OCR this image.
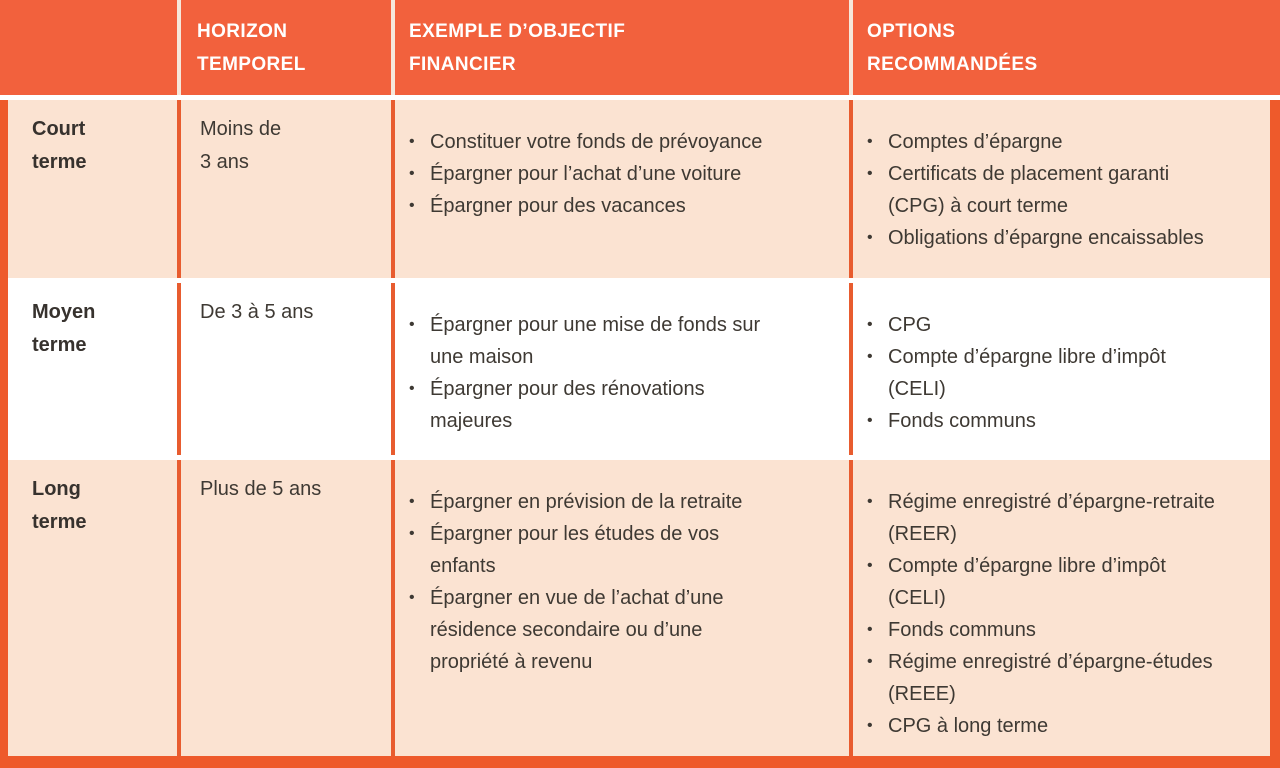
HORIZON
TEMPOREL
EXEMPLE D’OBJECTIF
FINANCIER
OPTIONS
RECOMMANDÉES
Court
terme
Moins de
3 ans
• Constituer votre fonds de prévoyance
• Épargner pour l’achat d’une voiture
• Épargner pour des vacances
• Comptes d’épargne
• Certificats de placement garanti (CPG) à court terme
• Obligations d’épargne encaissables
Moyen
terme
De 3 à 5 ans
• Épargner pour une mise de fonds sur une maison
• Épargner pour des rénovations majeures
• CPG
• Compte d’épargne libre d’impôt (CELI)
• Fonds communs
Long
terme
Plus de 5 ans
• Épargner en prévision de la retraite
• Épargner pour les études de vos enfants
• Épargner en vue de l’achat d’une résidence secondaire ou d’une propriété à revenu
• Régime enregistré d’épargne-retraite (REER)
• Compte d’épargne libre d’impôt (CELI)
• Fonds communs
• Régime enregistré d’épargne-études (REEE)
• CPG à long terme
